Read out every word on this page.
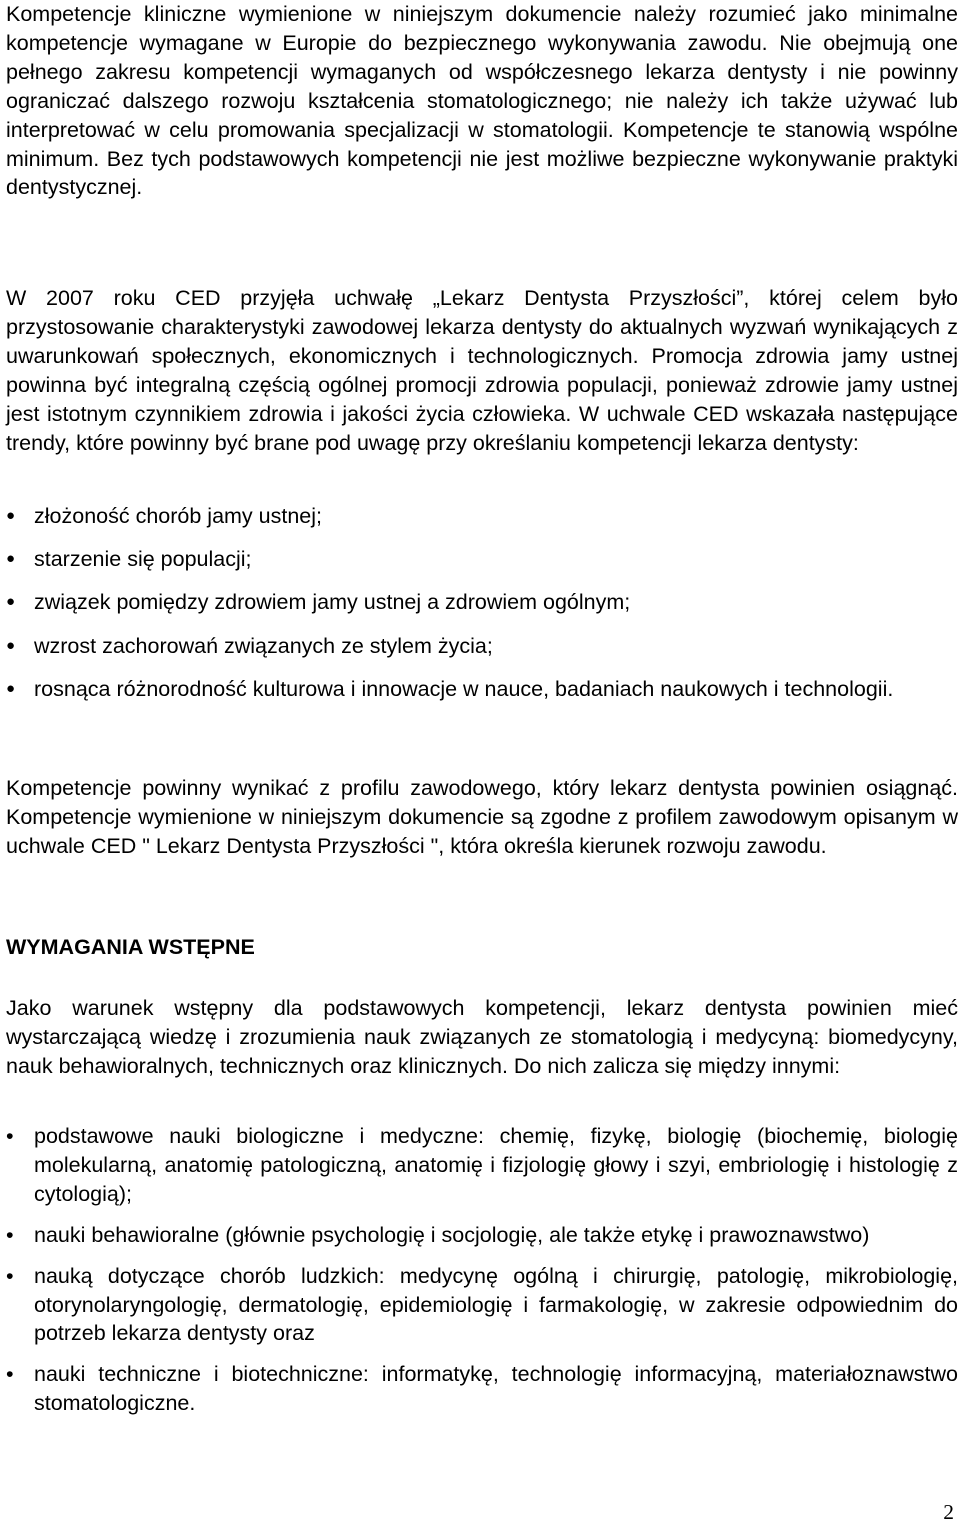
Kompetencje kliniczne wymienione w niniejszym dokumencie należy rozumieć jako minimalne kompetencje wymagane w Europie do bezpiecznego wykonywania zawodu. Nie obejmują one pełnego zakresu kompetencji wymaganych od współczesnego lekarza dentysty i nie powinny ograniczać dalszego rozwoju kształcenia stomatologicznego; nie należy ich także używać lub interpretować w celu promowania specjalizacji w stomatologii. Kompetencje te stanowią wspólne minimum. Bez tych podstawowych kompetencji nie jest możliwe bezpieczne wykonywanie praktyki dentystycznej.

W 2007 roku CED przyjęła uchwałę „Lekarz Dentysta Przyszłości”, której celem było przystosowanie charakterystyki zawodowej lekarza dentysty do aktualnych wyzwań wynikających z uwarunkowań społecznych, ekonomicznych i technologicznych. Promocja zdrowia jamy ustnej powinna być integralną częścią ogólnej promocji zdrowia populacji, ponieważ zdrowie jamy ustnej jest istotnym czynnikiem zdrowia i jakości życia człowieka. W uchwale CED wskazała następujące trendy, które powinny być brane pod uwagę przy określaniu kompetencji lekarza dentysty:

● złożoność chorób jamy ustnej;
● starzenie się populacji;
● związek pomiędzy zdrowiem jamy ustnej a zdrowiem ogólnym;
● wzrost zachorowań związanych ze stylem życia;
● rosnąca różnorodność kulturowa i innowacje w nauce, badaniach naukowych i technologii.

Kompetencje powinny wynikać z profilu zawodowego, który lekarz dentysta powinien osiągnąć. Kompetencje wymienione w niniejszym dokumencie są zgodne z profilem zawodowym opisanym w uchwale CED " Lekarz Dentysta Przyszłości ", która określa kierunek rozwoju zawodu.

WYMAGANIA WSTĘPNE

Jako warunek wstępny dla podstawowych kompetencji, lekarz dentysta powinien mieć wystarczającą wiedzę i zrozumienia nauk związanych ze stomatologią i medycyną: biomedycyny, nauk behawioralnych, technicznych oraz klinicznych. Do nich zalicza się między innymi:

• podstawowe nauki biologiczne i medyczne: chemię, fizykę, biologię (biochemię, biologię molekularną, anatomię patologiczną, anatomię i fizjologię głowy i szyi, embriologię i histologię z cytologią);
• nauki behawioralne (głównie psychologię i socjologię, ale także etykę i prawoznawstwo)
• nauką dotyczące chorób ludzkich: medycynę ogólną i chirurgię, patologię, mikrobiologię, otorynolaryngologię, dermatologię, epidemiologię i farmakologię, w zakresie odpowiednim do potrzeb lekarza dentysty oraz
• nauki techniczne i biotechniczne: informatykę, technologię informacyjną, materiałoznawstwo stomatologiczne.
2
